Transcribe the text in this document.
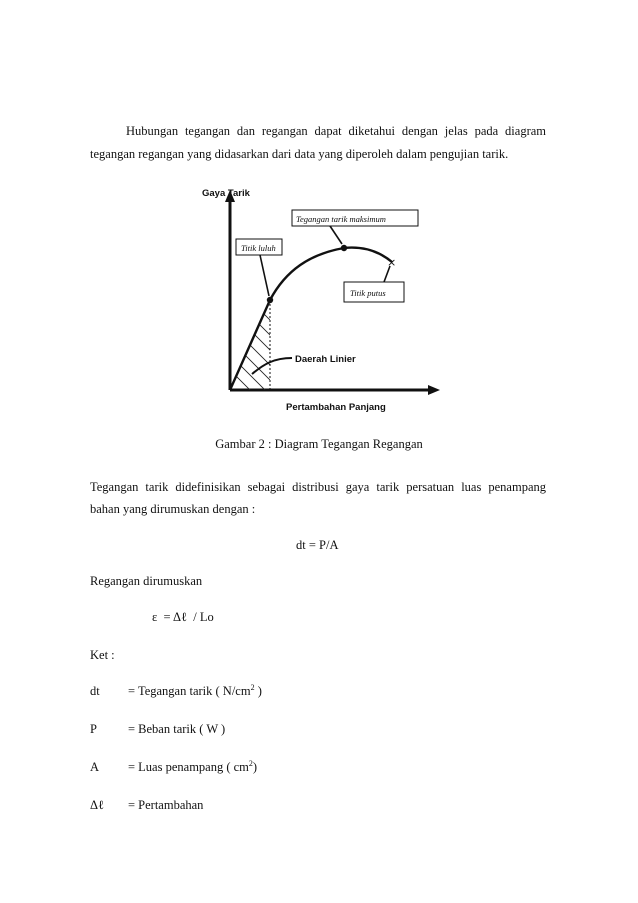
Hubungan tegangan dan regangan dapat diketahui dengan jelas pada diagram
tegangan regangan yang didasarkan dari data yang diperoleh dalam pengujian tarik.
Gaya Tarik
Pertambahan Panjang
×
Tegangan tarik maksimum
Titik luluh
Titik putus
Daerah Linier
Gambar 2 : Diagram Tegangan Regangan
Tegangan tarik didefinisikan sebagai distribusi gaya tarik persatuan luas penampang
bahan yang dirumuskan dengan :
dt = P/A
Regangan dirumuskan
ε  = Δℓ  / Lo
Ket :
dt = Tegangan tarik ( $N/cm^2$ )
P = Beban tarik ( W )
A = Luas penampang ( $cm^2$)
Δℓ = Pertambahan
